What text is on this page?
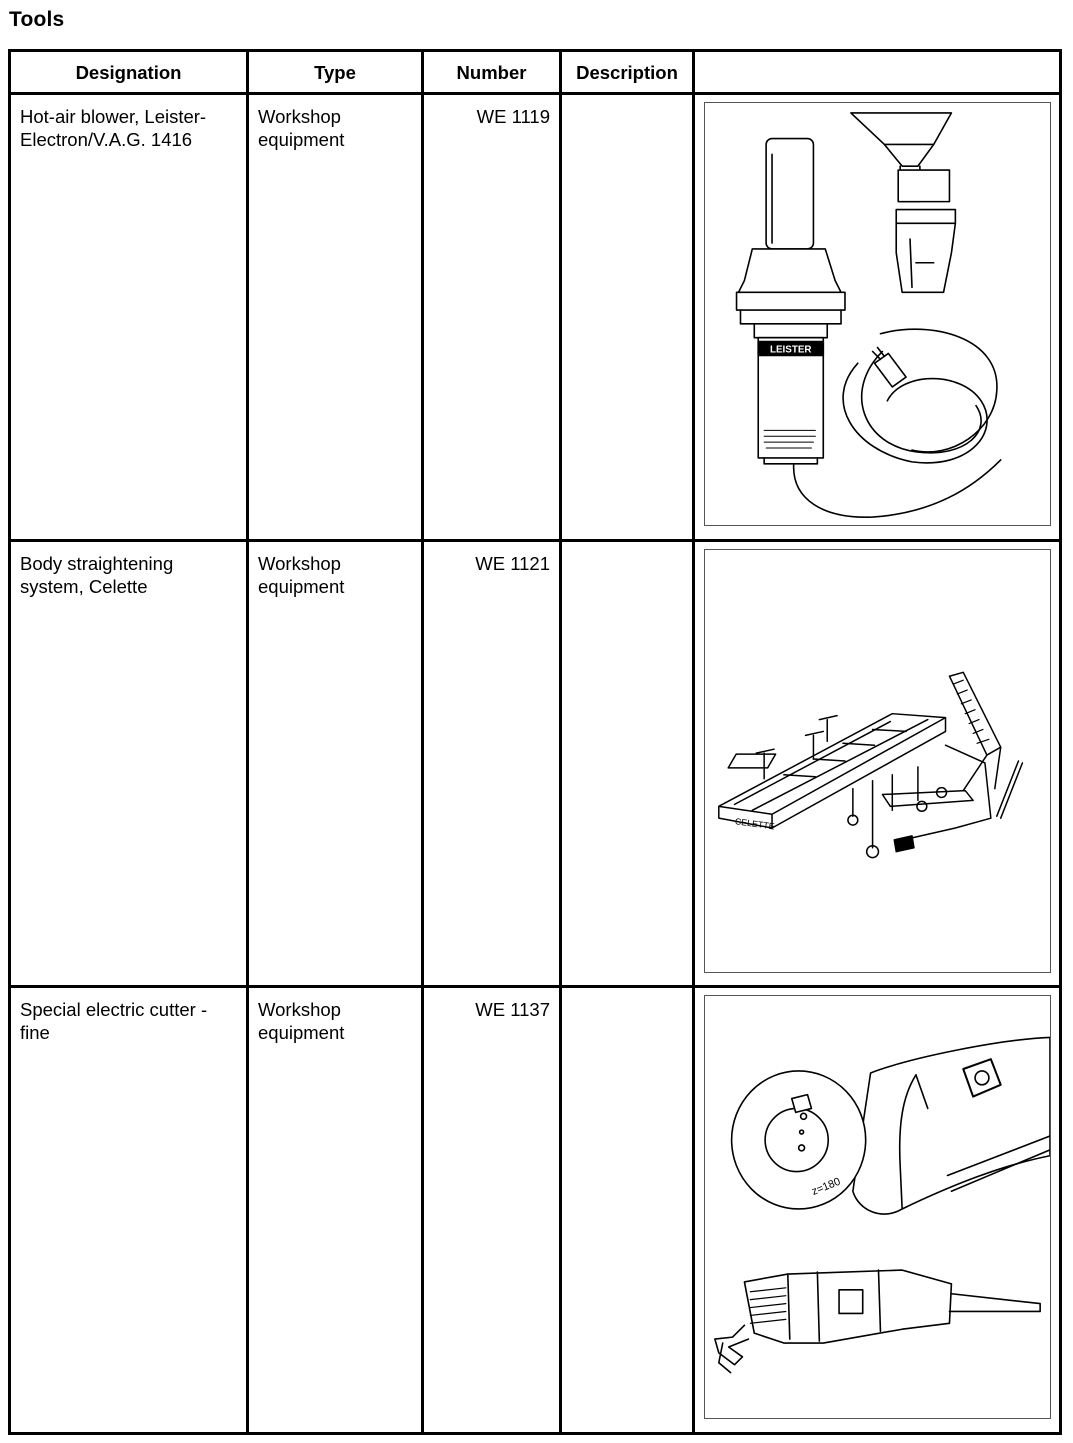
Tools
Designation	Type	Number	Description	

Hot-air blower, Leister-Electron/V.A.G. 1416	Workshop equipment	WE 1119		LEISTER

Body straightening system, Celette	Workshop equipment	WE 1121		CELETTE

Special electric cutter - fine	Workshop equipment	WE 1137		z=180
